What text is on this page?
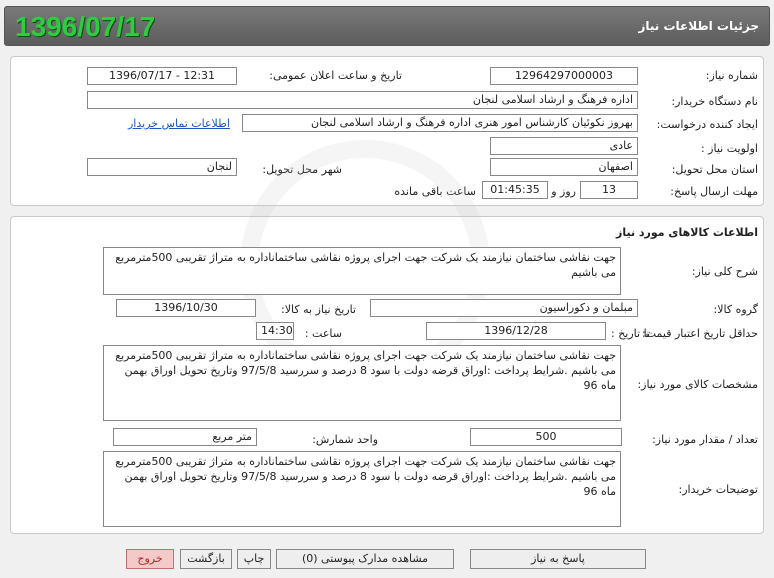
1396/07/17	جزئیات اطلاعات نیاز
شماره نیاز:
12964297000003
تاریخ و ساعت اعلان عمومی:
1396/07/17 - 12:31
نام دستگاه خریدار:
اداره فرهنگ و ارشاد اسلامی لنجان
ایجاد کننده درخواست:
بهروز نکوئیان کارشناس امور هنری اداره فرهنگ و ارشاد اسلامی لنجان
اطلاعات تماس خریدار
اولویت نیاز :
عادی
استان محل تحویل:
اصفهان
شهر محل تحویل:
لنجان
مهلت ارسال پاسخ:
13
روز و
01:45:35
ساعت باقی مانده
اطلاعات کالاهای مورد نیاز
شرح کلی نیاز:
جهت نقاشی ساختمان نیازمند یک شرکت جهت اجرای پروژه نقاشی ساختماناداره به متراژ تقریبی 500مترمربع می باشیم
گروه کالا:
مبلمان و دکوراسیون
تاریخ نیاز به کالا:
1396/10/30
حداقل تاریخ اعتبار قیمت:
تا تاریخ :
1396/12/28
ساعت :
14:30
مشخصات کالای مورد نیاز:
جهت نقاشی ساختمان نیازمند یک شرکت جهت اجرای پروژه نقاشی ساختماناداره به متراژ تقریبی 500مترمربع می باشیم .شرایط پرداخت :اوراق قرضه دولت با سود 8 درصد و سررسید 97/5/8 وتاریخ تحویل اوراق بهمن ماه 96
تعداد / مقدار مورد نیاز:
500
واحد شمارش:
متر مربع
توضیحات خریدار:
جهت نقاشی ساختمان نیازمند یک شرکت جهت اجرای پروژه نقاشی ساختماناداره به متراژ تقریبی 500مترمربع می باشیم .شرایط پرداخت :اوراق قرضه دولت با سود 8 درصد و سررسید 97/5/8 وتاریخ تحویل اوراق بهمن ماه 96
پاسخ به نیاز
مشاهده مدارک پیوستی (0)
چاپ
بازگشت
خروج
